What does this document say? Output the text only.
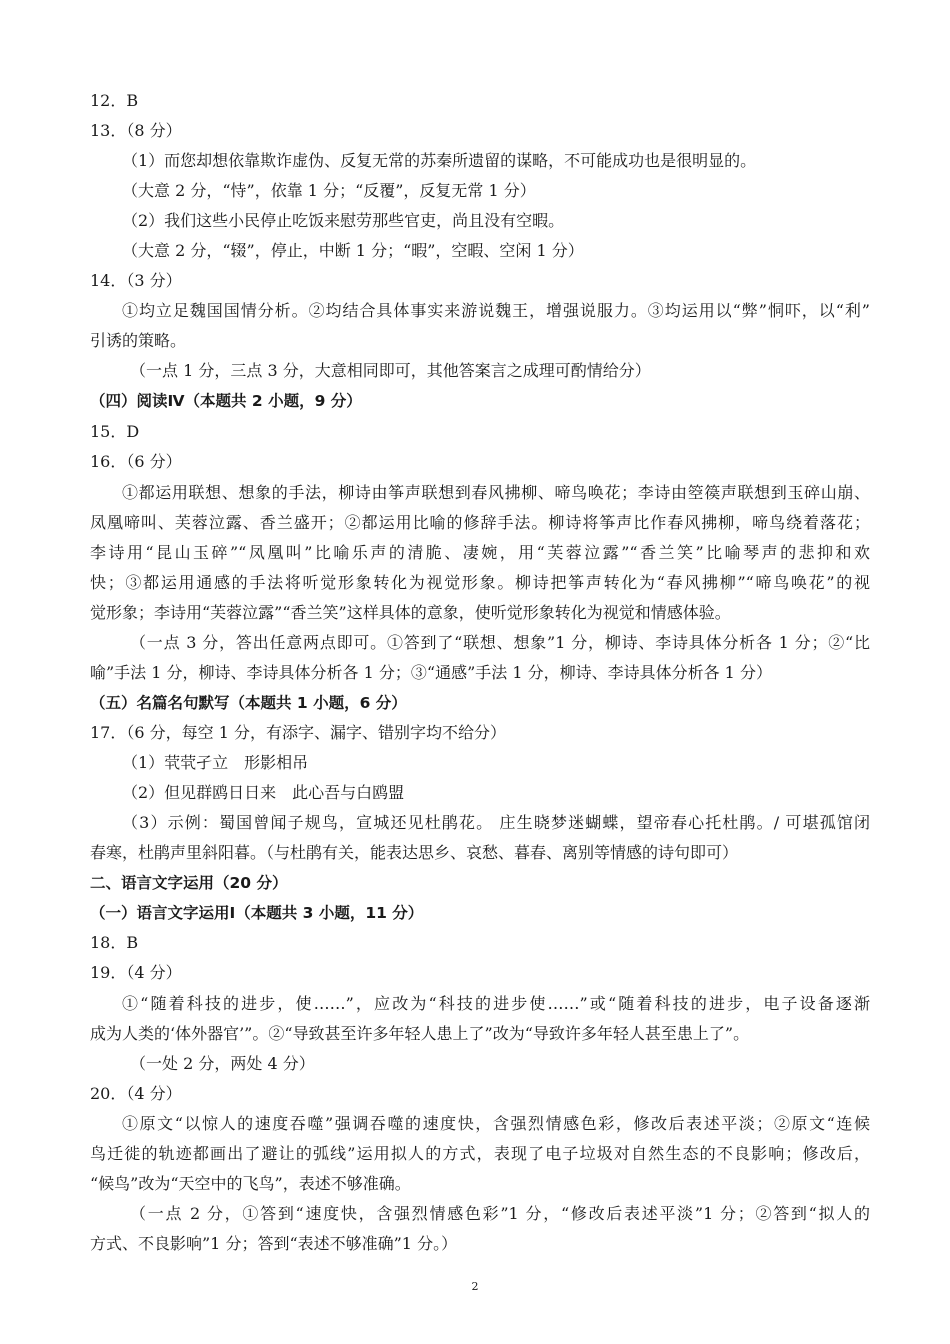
12．B
13．（8 分）
（1）而您却想依靠欺诈虚伪、反复无常的苏秦所遗留的谋略，不可能成功也是很明显的。
（大意 2 分，“恃”，依靠 1 分；“反覆”，反复无常 1 分）
（2）我们这些小民停止吃饭来慰劳那些官吏，尚且没有空暇。
（大意 2 分，“辍”，停止，中断 1 分；“暇”，空暇、空闲 1 分）
14．（3 分）
①均立足魏国国情分析。②均结合具体事实来游说魏王，增强说服力。③均运用以“弊”恫吓，以“利”
引诱的策略。
（一点 1 分，三点 3 分，大意相同即可，其他答案言之成理可酌情给分）
（四）阅读Ⅳ（本题共 2 小题，9 分）
15．D
16．（6 分）
①都运用联想、想象的手法，柳诗由筝声联想到春风拂柳、啼鸟唤花；李诗由箜篌声联想到玉碎山崩、
凤凰啼叫、芙蓉泣露、香兰盛开；②都运用比喻的修辞手法。柳诗将筝声比作春风拂柳，啼鸟绕着落花；
李诗用“昆山玉碎”“凤凰叫”比喻乐声的清脆、凄婉，用“芙蓉泣露”“香兰笑”比喻琴声的悲抑和欢
快；③都运用通感的手法将听觉形象转化为视觉形象。柳诗把筝声转化为“春风拂柳”“啼鸟唤花”的视
觉形象；李诗用“芙蓉泣露”“香兰笑”这样具体的意象，使听觉形象转化为视觉和情感体验。
（一点 3 分，答出任意两点即可。①答到了“联想、想象”1 分，柳诗、李诗具体分析各 1 分；②“比
喻”手法 1 分，柳诗、李诗具体分析各 1 分；③“通感”手法 1 分，柳诗、李诗具体分析各 1 分）
（五）名篇名句默写（本题共 1 小题，6 分）
17．（6 分，每空 1 分，有添字、漏字、错别字均不给分）
（1）茕茕孑立　形影相吊
（2）但见群鸥日日来　此心吾与白鸥盟
（3）示例：蜀国曾闻子规鸟，宣城还见杜鹃花。 庄生晓梦迷蝴蝶，望帝春心托杜鹃。/ 可堪孤馆闭
春寒，杜鹃声里斜阳暮。（与杜鹃有关，能表达思乡、哀愁、暮春、离别等情感的诗句即可）
二、语言文字运用（20 分）
（一）语言文字运用Ⅰ（本题共 3 小题，11 分）
18．B
19．（4 分）
①“随着科技的进步，使……”，应改为“科技的进步使……”或“随着科技的进步，电子设备逐渐
成为人类的‘体外器官’”。②“导致甚至许多年轻人患上了”改为“导致许多年轻人甚至患上了”。
（一处 2 分，两处 4 分）
20．（4 分）
①原文“以惊人的速度吞噬”强调吞噬的速度快，含强烈情感色彩，修改后表述平淡；②原文“连候
鸟迁徙的轨迹都画出了避让的弧线”运用拟人的方式，表现了电子垃圾对自然生态的不良影响；修改后，
“候鸟”改为“天空中的飞鸟”，表述不够准确。
（一点 2 分，①答到“速度快，含强烈情感色彩”1 分，“修改后表述平淡”1 分；②答到“拟人的
方式、不良影响”1 分；答到“表述不够准确”1 分。）
2
